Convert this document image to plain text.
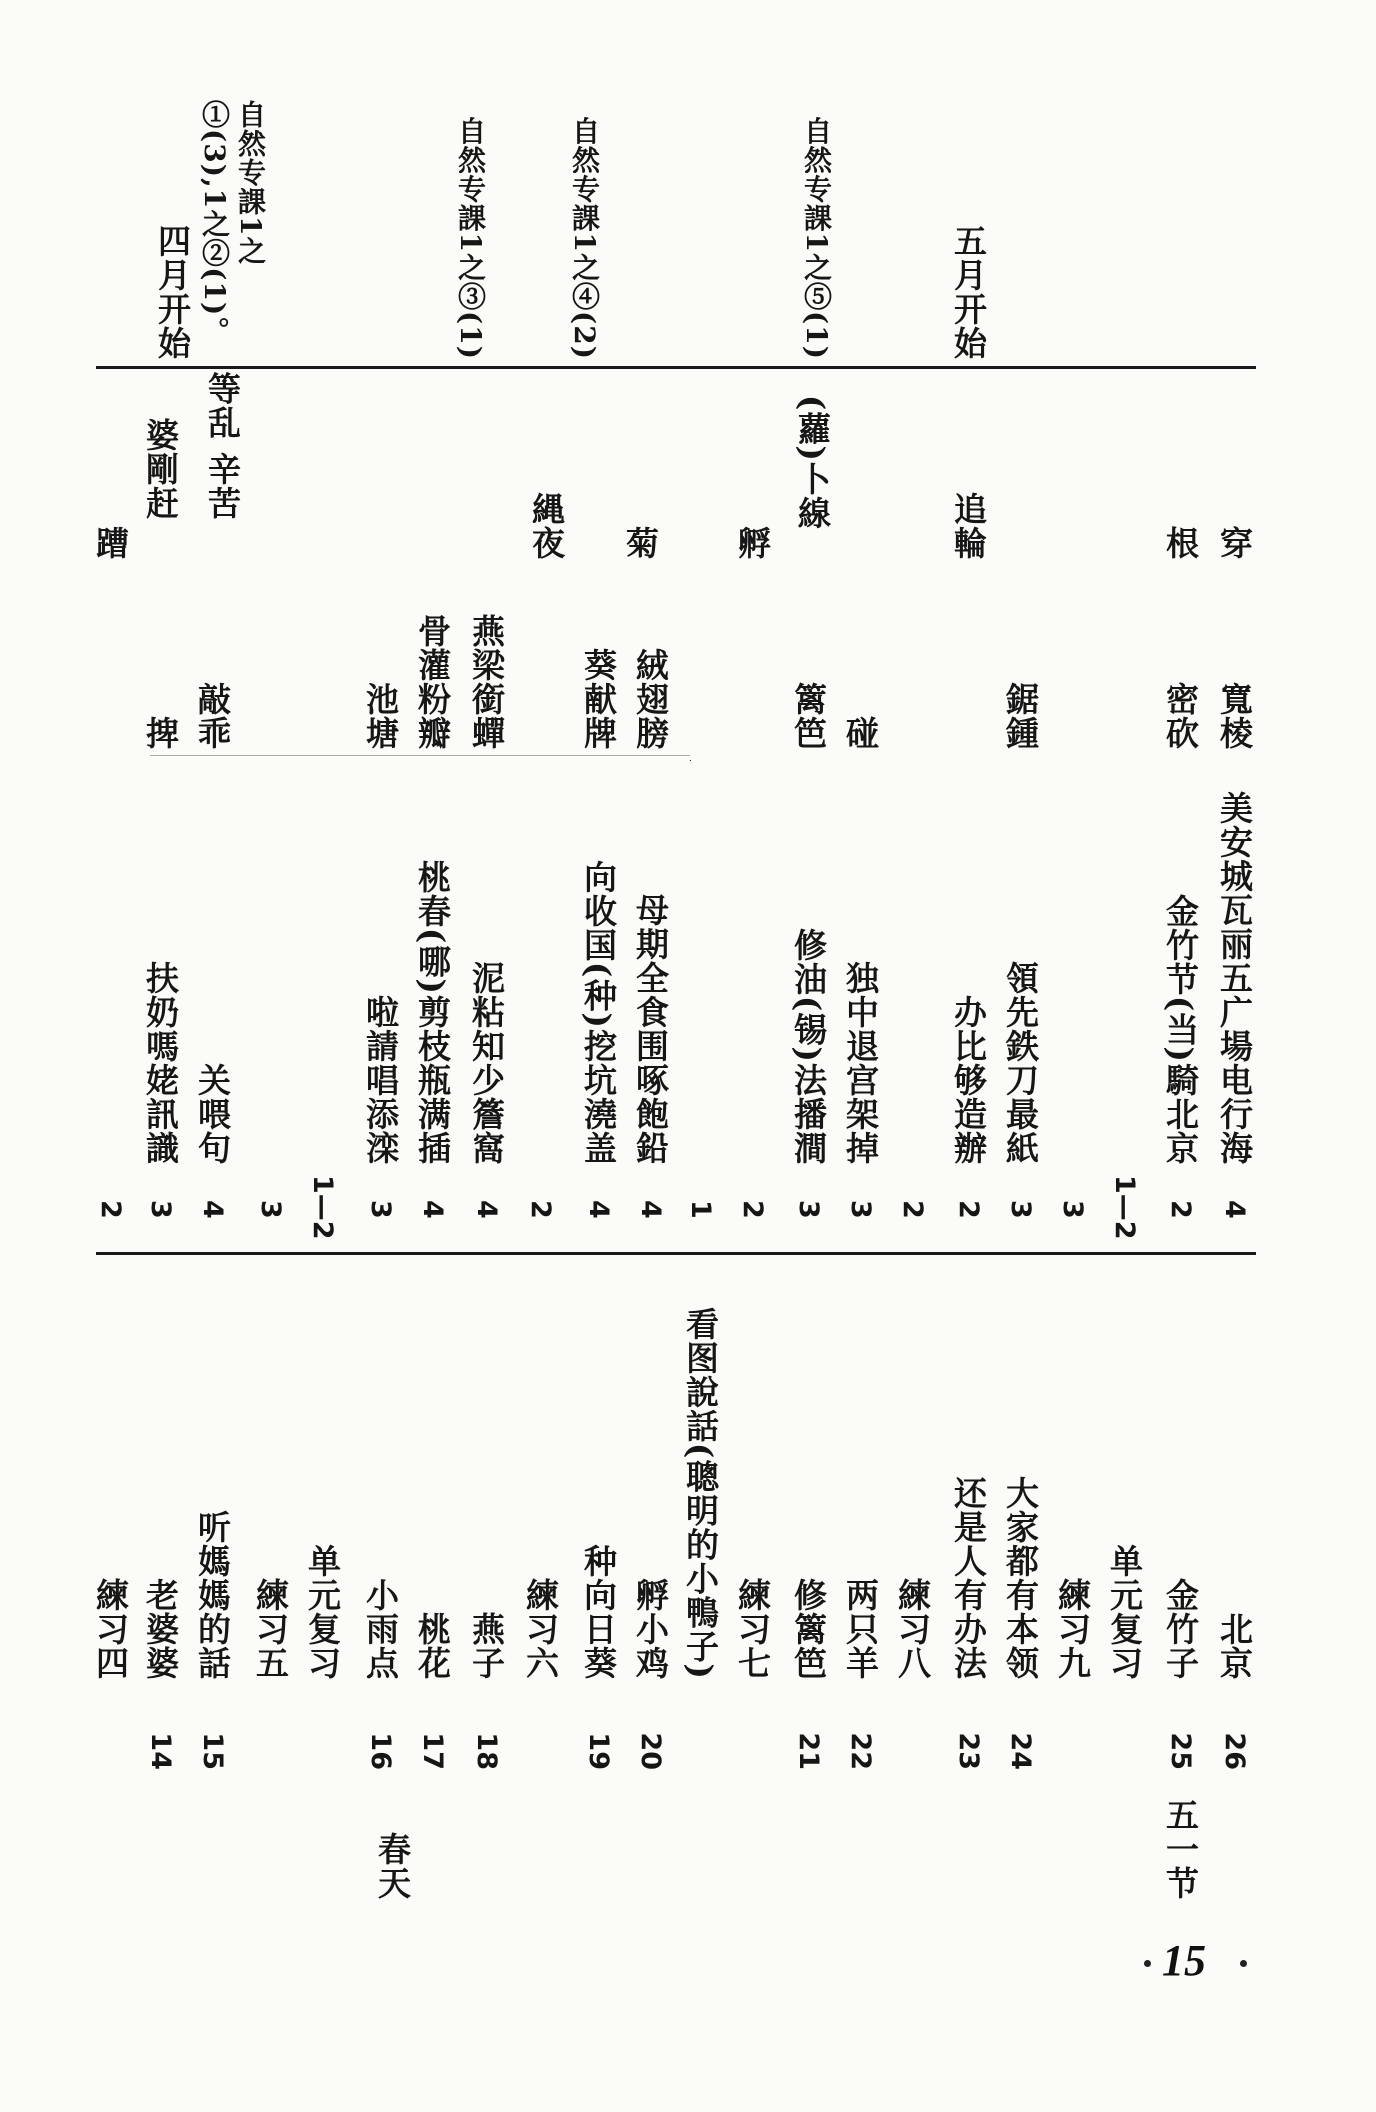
練习四
2
14
老婆婆
3
扶奶嗎姥訊識
捭
婆剛赶
蹧
四月开始
15
听媽媽的話
4
关喂句
敲乖
等乱 辛苦
自然专課1之①(3),1之②(1)。
練习五
3
单元复习
1—2
16
小雨点
3
啦請唱添滦
池塘
17
桃花
4
桃春(哪)剪枝瓶满插
骨灌粉瓣
自然专課1之③(1)
春天
18
燕子
4
泥粘知少簷窩
燕梁銜蟬
縄夜
練习六
2
19
种向日葵
4
向收国(种)挖坑澆盖
葵献牌
自然专課1之④(2)
20
孵小鸡
4
母期全食围啄飽鉛
絨翅膀
菊
看图說話(聰明的小鴨子)
1
練习七
2
孵
21
修篱笆
3
修油(锡)法播澗
篱笆
(蘿)卜線
自然专課1之⑤(1)
22
两只羊
3
独中退宫架掉
碰
練习八
2
23
还是人有办法
2
办比够造辦
追輪
五月开始
24
大家都有本领
3
領先鉄刀最紙
鋸鍾
練习九
3
单元复习
1—2
25
金竹子
2
金竹节(当)騎北京
密砍
根
五一节
26
北京
4
美安城瓦丽五广場电行海
寬棱
穿
15
